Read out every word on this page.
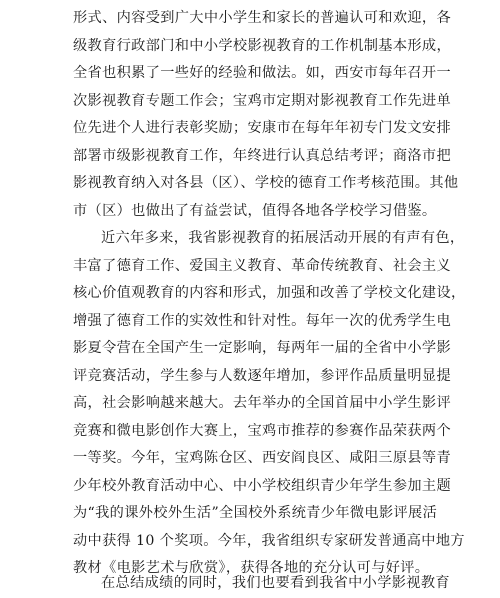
形式、内容受到广大中小学生和家长的普遍认可和欢迎，各
级教育行政部门和中小学校影视教育的工作机制基本形成，
全省也积累了一些好的经验和做法。如，西安市每年召开一
次影视教育专题工作会；宝鸡市定期对影视教育工作先进单
位先进个人进行表彰奖励；安康市在每年年初专门发文安排
部署市级影视教育工作，年终进行认真总结考评；商洛市把
影视教育纳入对各县（区）、学校的德育工作考核范围。其他
市（区）也做出了有益尝试，值得各地各学校学习借鉴。
近六年多来，我省影视教育的拓展活动开展的有声有色，
丰富了德育工作、爱国主义教育、革命传统教育、社会主义
核心价值观教育的内容和形式，加强和改善了学校文化建设，
增强了德育工作的实效性和针对性。每年一次的优秀学生电
影夏令营在全国产生一定影响，每两年一届的全省中小学影
评竞赛活动，学生参与人数逐年增加，参评作品质量明显提
高，社会影响越来越大。去年举办的全国首届中小学生影评
竞赛和微电影创作大赛上，宝鸡市推荐的参赛作品荣获两个
一等奖。今年，宝鸡陈仓区、西安阎良区、咸阳三原县等青
少年校外教育活动中心、中小学校组织青少年学生参加主题
为“我的课外校外生活”全国校外系统青少年微电影评展活
动中获得 10 个奖项。今年，我省组织专家研发普通高中地方
教材《电影艺术与欣赏》，获得各地的充分认可与好评。
在总结成绩的同时，我们也要看到我省中小学影视教育
